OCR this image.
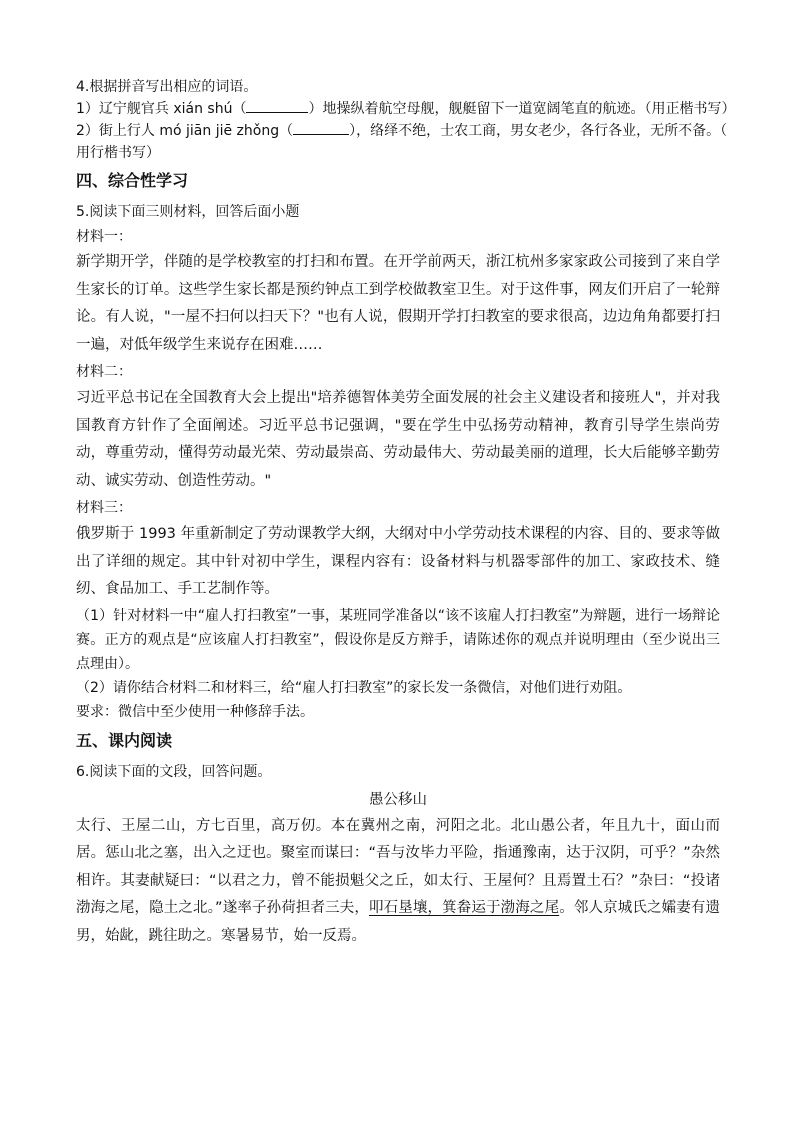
4.根据拼音写出相应的词语。
1）辽宁舰官兵 xián shú（	）地操纵着航空母舰，舰艇留下一道宽阔笔直的航迹。（用正楷书写）
2）街上行人 mó jiān jiē zhǒng（	），络绎不绝，士农工商，男女老少，各行各业，无所不备。（
用行楷书写）
四、综合性学习
5.阅读下面三则材料，回答后面小题
材料一：
新学期开学，伴随的是学校教室的打扫和布置。在开学前两天，浙江杭州多家家政公司接到了来自学生家长的订单。这些学生家长都是预约钟点工到学校做教室卫生。对于这件事，网友们开启了一轮辩论。有人说，"一屋不扫何以扫天下？"也有人说，假期开学打扫教室的要求很高，边边角角都要打扫一遍，对低年级学生来说存在困难……
材料二：
习近平总书记在全国教育大会上提出"培养德智体美劳全面发展的社会主义建设者和接班人"，并对我国教育方针作了全面阐述。习近平总书记强调，"要在学生中弘扬劳动精神，教育引导学生崇尚劳动，尊重劳动，懂得劳动最光荣、劳动最崇高、劳动最伟大、劳动最美丽的道理，长大后能够辛勤劳动、诚实劳动、创造性劳动。"
材料三：
俄罗斯于 1993 年重新制定了劳动课教学大纲，大纲对中小学劳动技术课程的内容、目的、要求等做出了详细的规定。其中针对初中学生，课程内容有：设备材料与机器零部件的加工、家政技术、缝纫、食品加工、手工艺制作等。
（1）针对材料一中“雇人打扫教室”一事，某班同学准备以“该不该雇人打扫教室”为辩题，进行一场辩论赛。正方的观点是“应该雇人打扫教室”，假设你是反方辩手，请陈述你的观点并说明理由（至少说出三点理由）。
（2）请你结合材料二和材料三，给“雇人打扫教室”的家长发一条微信，对他们进行劝阻。
要求：微信中至少使用一种修辞手法。
五、课内阅读
6.阅读下面的文段，回答问题。
愚公移山
太行、王屋二山，方七百里，高万仞。本在冀州之南，河阳之北。北山愚公者，年且九十，面山而居。惩山北之塞，出入之迂也。聚室而谋曰：“吾与汝毕力平险，指通豫南，达于汉阴，可乎？”杂然相许。其妻献疑曰：“以君之力，曾不能损魁父之丘，如太行、王屋何？且焉置土石？”杂曰：“投诸渤海之尾，隐土之北。”遂率子孙荷担者三夫，叩石垦壤，箕畚运于渤海之尾。邻人京城氏之孀妻有遗男，始龀，跳往助之。寒暑易节，始一反焉。
